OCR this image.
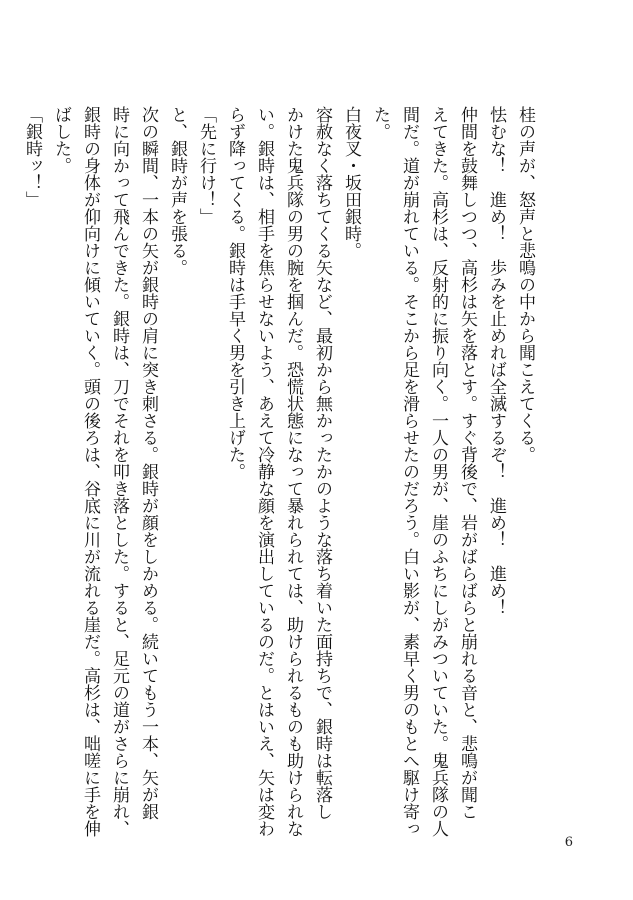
桂の声が、怒声と悲鳴の中から聞こえてくる。

怯むな！　進め！　歩みを止めれば全滅するぞ！　進め！　進め！

仲間を鼓舞しつつ、高杉は矢を落とす。すぐ背後で、岩がばらばらと崩れる音と、悲鳴が聞こ

えてきた。高杉は、反射的に振り向く。一人の男が、崖のふちにしがみついていた。鬼兵隊の人

間だ。道が崩れている。そこから足を滑らせたのだろう。白い影が、素早く男のもとへ駆け寄っ

た。

白夜叉・坂田銀時。

容赦なく落ちてくる矢など、最初から無かったかのような落ち着いた面持ちで、銀時は転落し

かけた鬼兵隊の男の腕を掴んだ。恐慌状態になって暴れられては、助けられるものも助けられな

い。銀時は、相手を焦らせないよう、あえて冷静な顔を演出しているのだ。とはいえ、矢は変わ

らず降ってくる。銀時は手早く男を引き上げた。

「先に行け！」

と、銀時が声を張る。

次の瞬間、一本の矢が銀時の肩に突き刺さる。銀時が顔をしかめる。続いてもう一本、矢が銀

時に向かって飛んできた。銀時は、刀でそれを叩き落とした。すると、足元の道がさらに崩れ、

銀時の身体が仰向けに傾いていく。頭の後ろは、谷底に川が流れる崖だ。高杉は、咄嗟に手を伸

ばした。

「銀時ッ！」

6
